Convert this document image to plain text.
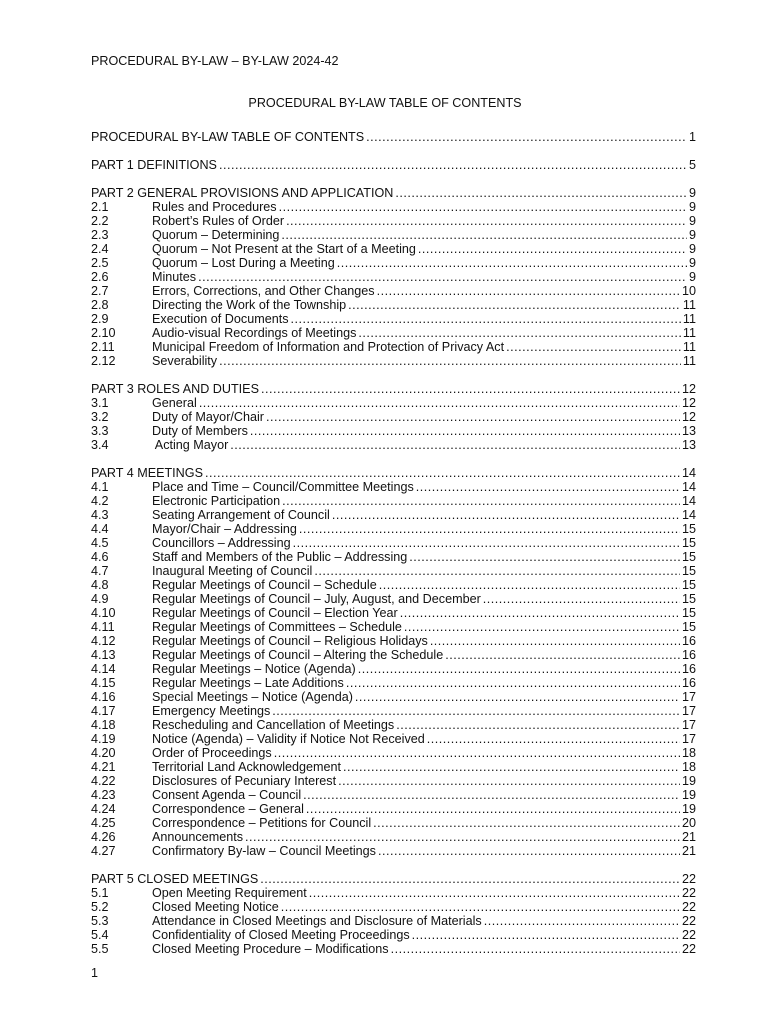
PROCEDURAL BY-LAW – BY-LAW 2024-42
PROCEDURAL BY-LAW TABLE OF CONTENTS
PROCEDURAL BY-LAW TABLE OF CONTENTS .....	1
PART 1 DEFINITIONS .....	5
PART 2 GENERAL PROVISIONS AND APPLICATION .....	9
2.1	Rules and Procedures .....	9
2.2	Robert’s Rules of Order .....	9
2.3	Quorum – Determining .....	9
2.4	Quorum – Not Present at the Start of a Meeting .....	9
2.5	Quorum – Lost During a Meeting .....	9
2.6	Minutes .....	9
2.7	Errors, Corrections, and Other Changes .....	10
2.8	Directing the Work of the Township .....	11
2.9	Execution of Documents .....	11
2.10	Audio-visual Recordings of Meetings .....	11
2.11	Municipal Freedom of Information and Protection of Privacy Act .....	11
2.12	Severability .....	11
PART 3 ROLES AND DUTIES .....	12
3.1	General .....	12
3.2	Duty of Mayor/Chair .....	12
3.3	Duty of Members .....	13
3.4	Acting Mayor .....	13
PART 4 MEETINGS .....	14
4.1	Place and Time – Council/Committee Meetings .....	14
4.2	Electronic Participation .....	14
4.3	Seating Arrangement of Council .....	14
4.4	Mayor/Chair – Addressing .....	15
4.5	Councillors – Addressing .....	15
4.6	Staff and Members of the Public – Addressing .....	15
4.7	Inaugural Meeting of Council .....	15
4.8	Regular Meetings of Council – Schedule .....	15
4.9	Regular Meetings of Council – July, August, and December .....	15
4.10	Regular Meetings of Council – Election Year .....	15
4.11	Regular Meetings of Committees – Schedule .....	15
4.12	Regular Meetings of Council – Religious Holidays .....	16
4.13	Regular Meetings of Council – Altering the Schedule .....	16
4.14	Regular Meetings – Notice (Agenda) .....	16
4.15	Regular Meetings – Late Additions .....	16
4.16	Special Meetings – Notice (Agenda) .....	17
4.17	Emergency Meetings .....	17
4.18	Rescheduling and Cancellation of Meetings .....	17
4.19	Notice (Agenda) – Validity if Notice Not Received .....	17
4.20	Order of Proceedings .....	18
4.21	Territorial Land Acknowledgement .....	18
4.22	Disclosures of Pecuniary Interest .....	19
4.23	Consent Agenda – Council .....	19
4.24	Correspondence – General .....	19
4.25	Correspondence – Petitions for Council .....	20
4.26	Announcements .....	21
4.27	Confirmatory By-law – Council Meetings .....	21
PART 5 CLOSED MEETINGS .....	22
5.1	Open Meeting Requirement .....	22
5.2	Closed Meeting Notice .....	22
5.3	Attendance in Closed Meetings and Disclosure of Materials .....	22
5.4	Confidentiality of Closed Meeting Proceedings .....	22
5.5	Closed Meeting Procedure – Modifications .....	22
1
